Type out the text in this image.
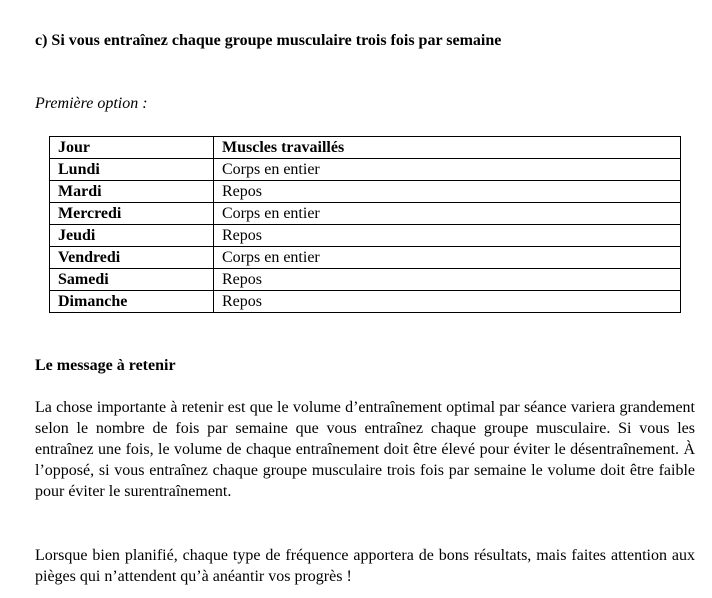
c) Si vous entraînez chaque groupe musculaire trois fois par semaine
Première option :
Jour	Muscles travaillés
Lundi	Corps en entier
Mardi	Repos
Mercredi	Corps en entier
Jeudi	Repos
Vendredi	Corps en entier
Samedi	Repos
Dimanche	Repos
Le message à retenir

La chose importante à retenir est que le volume d’entraînement optimal par séance variera grandement selon le nombre de fois par semaine que vous entraînez chaque groupe musculaire. Si vous les entraînez une fois, le volume de chaque entraînement doit être élevé pour éviter le désentraînement. À l’opposé, si vous entraînez chaque groupe musculaire trois fois par semaine le volume doit être faible pour éviter le surentraînement.

Lorsque bien planifié, chaque type de fréquence apportera de bons résultats, mais faites attention aux pièges qui n’attendent qu’à anéantir vos progrès !
